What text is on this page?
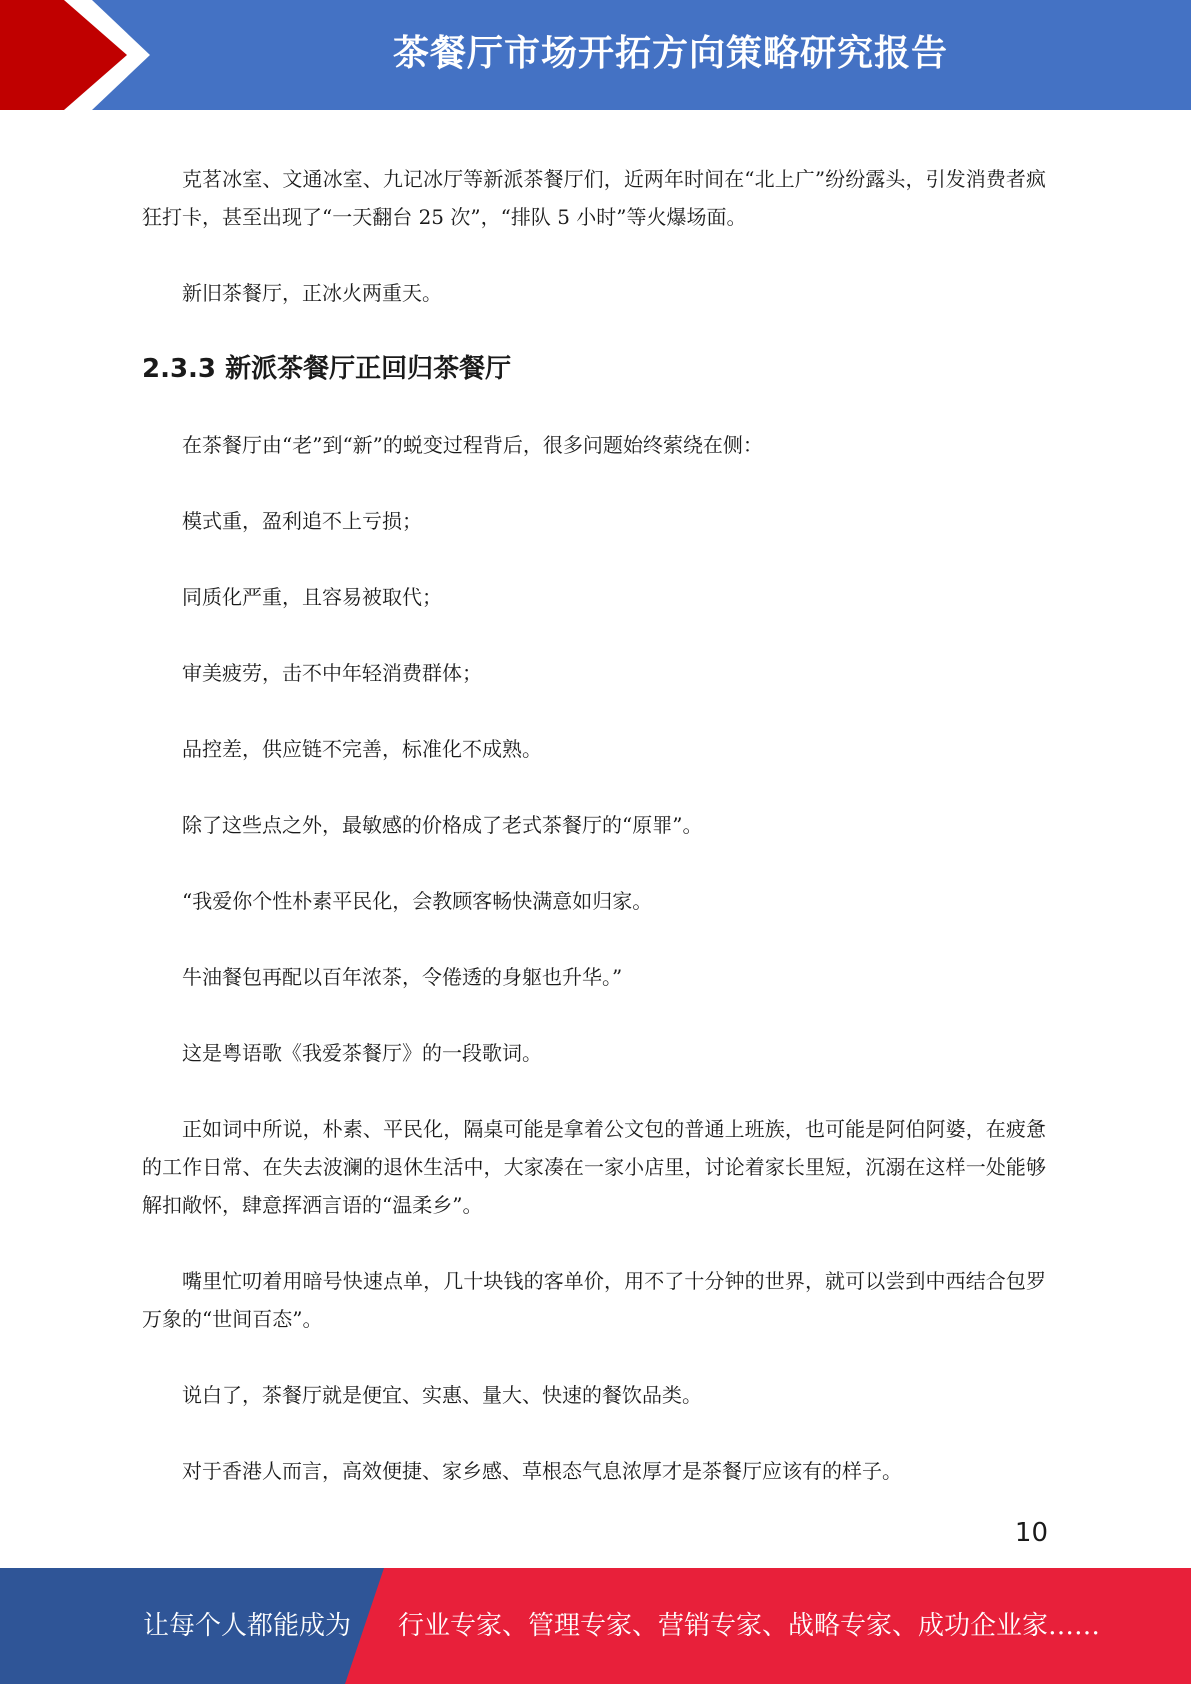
茶餐厅市场开拓方向策略研究报告

克茗冰室、文通冰室、九记冰厅等新派茶餐厅们，近两年时间在“北上广”纷纷露头，引发消费者疯狂打卡，甚至出现了“一天翻台 25 次”，“排队 5 小时”等火爆场面。

新旧茶餐厅，正冰火两重天。

2.3.3 新派茶餐厅正回归茶餐厅

在茶餐厅由“老”到“新”的蜕变过程背后，很多问题始终萦绕在侧：

模式重，盈利追不上亏损；

同质化严重，且容易被取代；

审美疲劳，击不中年轻消费群体；

品控差，供应链不完善，标准化不成熟。

除了这些点之外，最敏感的价格成了老式茶餐厅的“原罪”。

“我爱你个性朴素平民化，会教顾客畅快满意如归家。

牛油餐包再配以百年浓茶，令倦透的身躯也升华。”

这是粤语歌《我爱茶餐厅》的一段歌词。

正如词中所说，朴素、平民化，隔桌可能是拿着公文包的普通上班族，也可能是阿伯阿婆，在疲惫的工作日常、在失去波澜的退休生活中，大家凑在一家小店里，讨论着家长里短，沉溺在这样一处能够解扣敞怀，肆意挥洒言语的“温柔乡”。

嘴里忙叨着用暗号快速点单，几十块钱的客单价，用不了十分钟的世界，就可以尝到中西结合包罗万象的“世间百态”。

说白了，茶餐厅就是便宜、实惠、量大、快速的餐饮品类。

对于香港人而言，高效便捷、家乡感、草根态气息浓厚才是茶餐厅应该有的样子。

10
让每个人都能成为 行业专家、管理专家、营销专家、战略专家、成功企业家……
